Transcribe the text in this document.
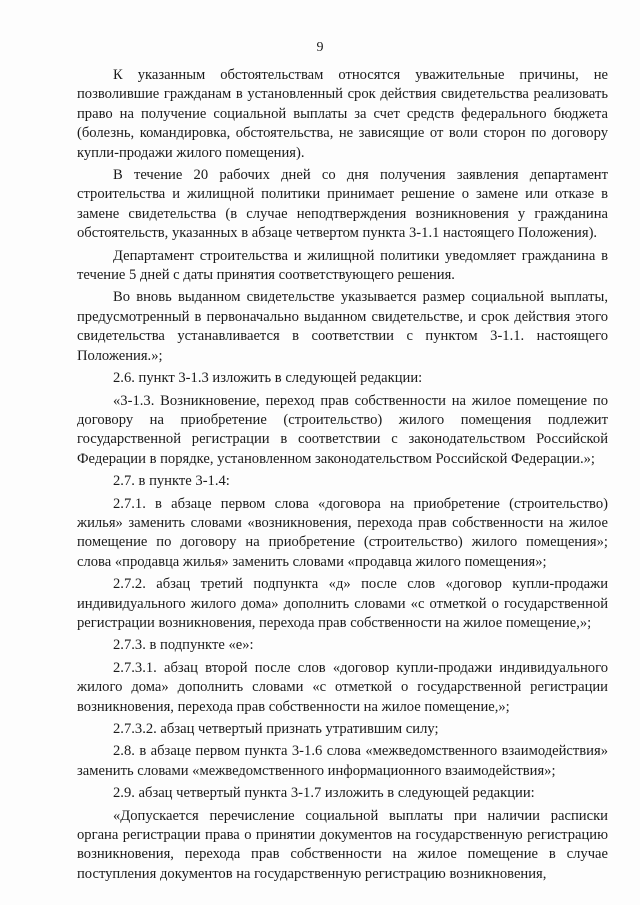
9

К указанным обстоятельствам относятся уважительные причины, не позволившие гражданам в установленный срок действия свидетельства реализовать право на получение социальной выплаты за счет средств федерального бюджета (болезнь, командировка, обстоятельства, не зависящие от воли сторон по договору купли-продажи жилого помещения).

В течение 20 рабочих дней со дня получения заявления департамент строительства и жилищной политики принимает решение о замене или отказе в замене свидетельства (в случае неподтверждения возникновения у гражданина обстоятельств, указанных в абзаце четвертом пункта 3-1.1 настоящего Положения).

Департамент строительства и жилищной политики уведомляет гражданина в течение 5 дней с даты принятия соответствующего решения.

Во вновь выданном свидетельстве указывается размер социальной выплаты, предусмотренный в первоначально выданном свидетельстве, и срок действия этого свидетельства устанавливается в соответствии с пунктом 3-1.1. настоящего Положения.»;

2.6. пункт 3-1.3 изложить в следующей редакции:

«3-1.3. Возникновение, переход прав собственности на жилое помещение по договору на приобретение (строительство) жилого помещения подлежит государственной регистрации в соответствии с законодательством Российской Федерации в порядке, установленном законодательством Российской Федерации.»;

2.7. в пункте 3-1.4:

2.7.1. в абзаце первом слова «договора на приобретение (строительство) жилья» заменить словами «возникновения, перехода прав собственности на жилое помещение по договору на приобретение (строительство) жилого помещения»; слова «продавца жилья» заменить словами «продавца жилого помещения»;

2.7.2. абзац третий подпункта «д» после слов «договор купли-продажи индивидуального жилого дома» дополнить словами «с отметкой о государственной регистрации возникновения, перехода прав собственности на жилое помещение,»;

2.7.3. в подпункте «е»:

2.7.3.1. абзац второй после слов «договор купли-продажи индивидуального жилого дома» дополнить словами «с отметкой о государственной регистрации возникновения, перехода прав собственности на жилое помещение,»;

2.7.3.2. абзац четвертый признать утратившим силу;

2.8. в абзаце первом пункта 3-1.6 слова «межведомственного взаимодействия» заменить словами «межведомственного информационного взаимодействия»;

2.9. абзац четвертый пункта 3-1.7 изложить в следующей редакции:

«Допускается перечисление социальной выплаты при наличии расписки органа регистрации права о принятии документов на государственную регистрацию возникновения, перехода прав собственности на жилое помещение в случае поступления документов на государственную регистрацию возникновения,
